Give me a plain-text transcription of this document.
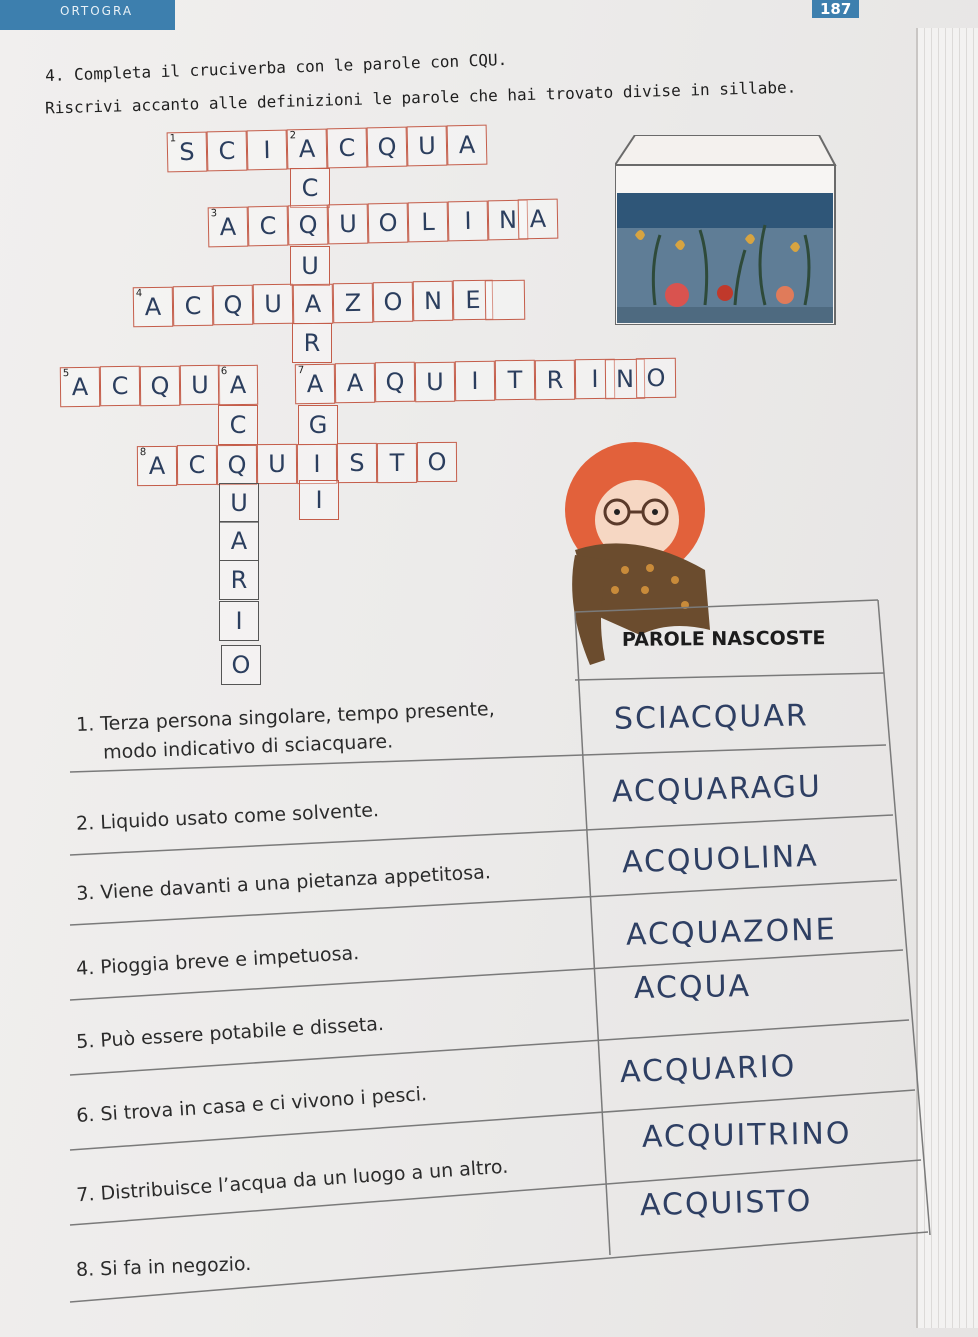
ORTOGRA	187
4. Completa il cruciverba con le parole con CQU.
Riscrivi accanto alle definizioni le parole che hai trovato divise in sillabe.
1 S C I
2 A C Q U A
C
3 A C Q U O L I N A
U
4 A C Q U A Z O N E
R
5 A C Q U 6 A
7 A A Q U I T R I N O
C	G
8 A C Q U I S T O
I
U
A
R
I
O
PAROLE NASCOSTE
1. Terza persona singolare, tempo presente,
modo indicativo di sciacquare.
2. Liquido usato come solvente.
3. Viene davanti a una pietanza appetitosa.
4. Pioggia breve e impetuosa.
5. Può essere potabile e disseta.
6. Si trova in casa e ci vivono i pesci.
7. Distribuisce l’acqua da un luogo a un altro.
8. Si fa in negozio.
SCIACQUAR
ACQUARAGU
ACQUOLINA
ACQUAZONE
ACQUA
ACQUARIO
ACQUITRINO
ACQUISTO
